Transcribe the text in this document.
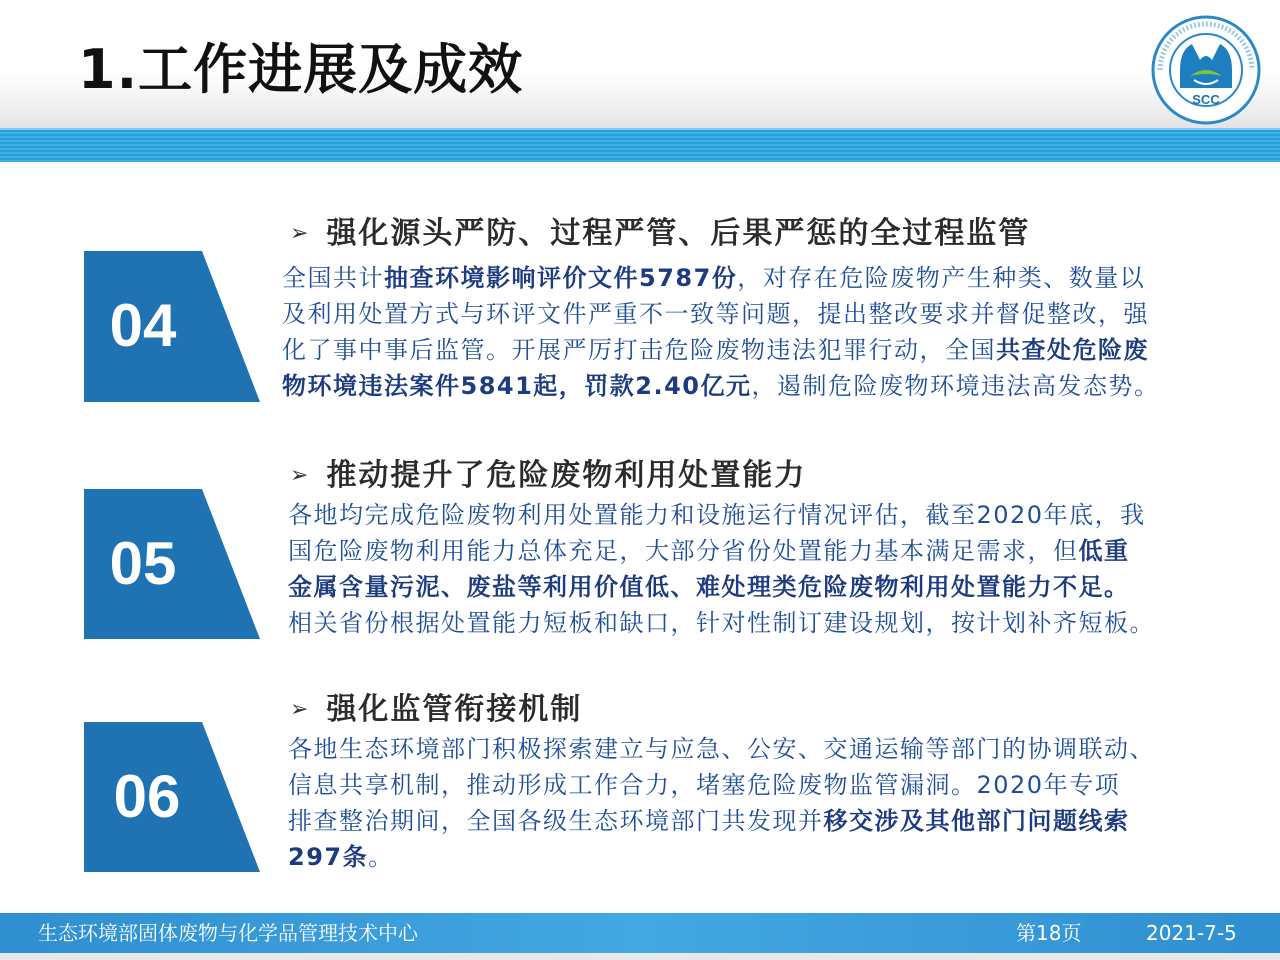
1.工作进展及成效	SCC
➢ 强化源头严防、过程严管、后果严惩的全过程监管
04
全国共计抽查环境影响评价文件5787份，对存在危险废物产生种类、数量以
及利用处置方式与环评文件严重不一致等问题，提出整改要求并督促整改，强
化了事中事后监管。开展严厉打击危险废物违法犯罪行动，全国共查处危险废
物环境违法案件5841起，罚款2.40亿元，遏制危险废物环境违法高发态势。
➢ 推动提升了危险废物利用处置能力
05
各地均完成危险废物利用处置能力和设施运行情况评估，截至2020年底，我
国危险废物利用能力总体充足，大部分省份处置能力基本满足需求，但低重
金属含量污泥、废盐等利用价值低、难处理类危险废物利用处置能力不足。
相关省份根据处置能力短板和缺口，针对性制订建设规划，按计划补齐短板。
➢ 强化监管衔接机制
06
各地生态环境部门积极探索建立与应急、公安、交通运输等部门的协调联动、
信息共享机制，推动形成工作合力，堵塞危险废物监管漏洞。2020年专项
排查整治期间，全国各级生态环境部门共发现并移交涉及其他部门问题线索
297条。
生态环境部固体废物与化学品管理技术中心	第18页	2021-7-5
